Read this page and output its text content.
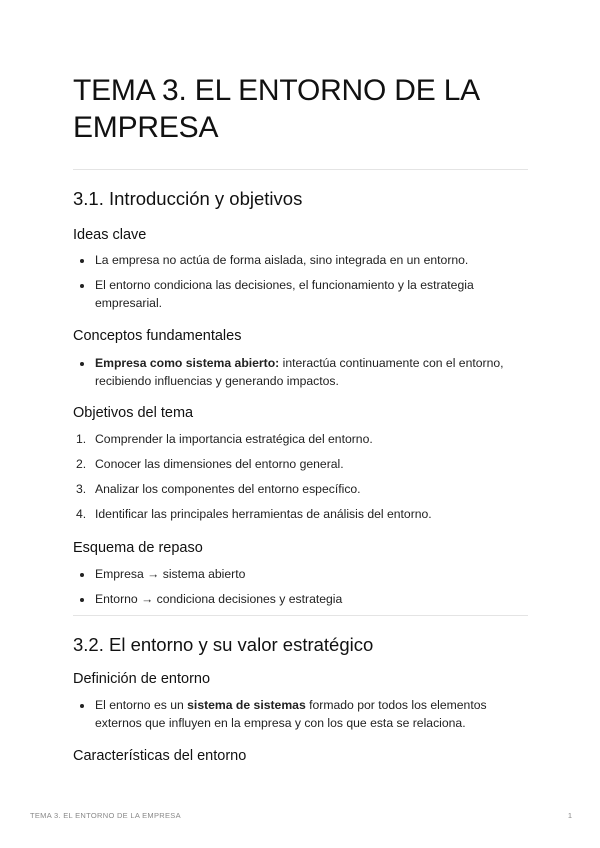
TEMA 3. EL ENTORNO DE LA EMPRESA
3.1. Introducción y objetivos
Ideas clave
La empresa no actúa de forma aislada, sino integrada en un entorno.
El entorno condiciona las decisiones, el funcionamiento y la estrategia empresarial.
Conceptos fundamentales
Empresa como sistema abierto: interactúa continuamente con el entorno, recibiendo influencias y generando impactos.
Objetivos del tema
1. Comprender la importancia estratégica del entorno.
2. Conocer las dimensiones del entorno general.
3. Analizar los componentes del entorno específico.
4. Identificar las principales herramientas de análisis del entorno.
Esquema de repaso
Empresa → sistema abierto
Entorno → condiciona decisiones y estrategia
3.2. El entorno y su valor estratégico
Definición de entorno
El entorno es un sistema de sistemas formado por todos los elementos externos que influyen en la empresa y con los que esta se relaciona.
Características del entorno
TEMA 3. EL ENTORNO DE LA EMPRESA	1
